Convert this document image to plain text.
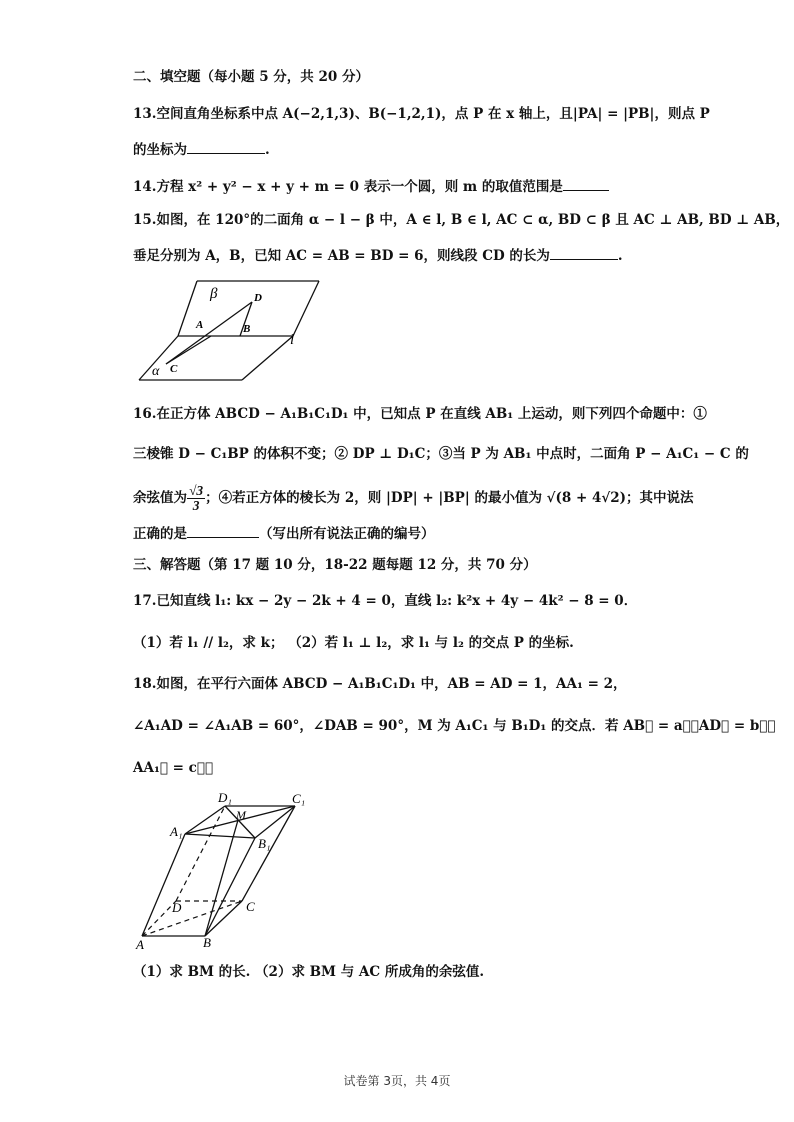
二、填空题（每小题 5 分，共 20 分）
13.空间直角坐标系中点 A(−2,1,3)、B(−1,2,1)，点 P 在 x 轴上，且|PA| = |PB|，则点 P
的坐标为	.
14.方程 x² + y² − x + y + m = 0 表示一个圆，则 m 的取值范围是
15.如图，在 120°的二面角 α − l − β 中，A ∈ l, B ∈ l, AC ⊂ α, BD ⊂ β 且 AC ⊥ AB, BD ⊥ AB，
垂足分别为 A，B，已知 AC = AB = BD = 6，则线段 CD 的长为	.
β	D
A	B
l
α C
16.在正方体 ABCD − A₁B₁C₁D₁ 中，已知点 P 在直线 AB₁ 上运动，则下列四个命题中：①
三棱锥 D − C₁BP 的体积不变；② DP ⊥ D₁C；③当 P 为 AB₁ 中点时，二面角 P − A₁C₁ − C 的
余弦值为 $\frac{√3}{3}$ ；④若正方体的棱长为 2，则 |DP| + |BP| 的最小值为 √(8 + 4√2)；其中说法
正确的是	（写出所有说法正确的编号）
三、解答题（第 17 题 10 分，18-22 题每题 12 分，共 70 分）
17.已知直线 l₁: kx − 2y − 2k + 4 = 0，直线 l₂: k²x + 4y − 4k² − 8 = 0．
（1）若 l₁ // l₂，求 k； （2）若 l₁ ⊥ l₂，求 l₁ 与 l₂ 的交点 P 的坐标.
18.如图，在平行六面体 ABCD − A₁B₁C₁D₁ 中，AB = AD = 1，AA₁ = 2，
∠A₁AD = ∠A₁AB = 60°，∠DAB = 90°，M 为 A₁C₁ 与 B₁D₁ 的交点．若 AB⃗ = a⃗，AD⃗ = b⃗，
AA₁⃗ = c⃗．
D₁	C₁
A₁
M
B₁
D	C
A	B
（1）求 BM 的长. （2）求 BM 与 AC 所成角的余弦值.
试卷第 3页，共 4页
